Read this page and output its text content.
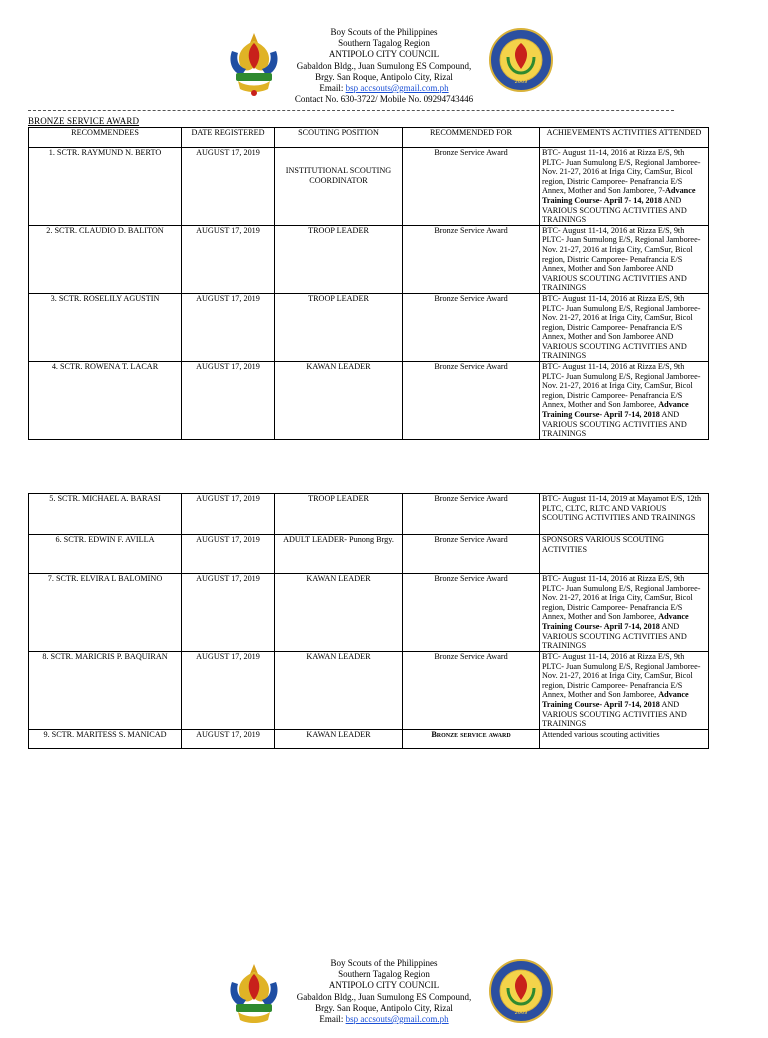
Boy Scouts of the Philippines
Southern Tagalog Region
ANTIPOLO CITY COUNCIL
Gabaldon Bldg., Juan Sumulong ES Compound,
Brgy. San Roque, Antipolo City, Rizal
Email: bsp accsouts@gmail.com.ph
Contact No. 630-3722/ Mobile No. 09294743446
2009
BRONZE SERVICE AWARD
RECOMMENDEES	DATE REGISTERED	SCOUTING POSITION	RECOMMENDED FOR	ACHIEVEMENTS ACTIVITIES ATTENDED
1. SCTR. RAYMUND N. BERTO	AUGUST 17, 2019	INSTITUTIONAL SCOUTING COORDINATOR	Bronze Service Award	BTC- August 11-14, 2016 at Rizza E/S, 9th PLTC- Juan Sumulong E/S, Regional Jamboree- Nov. 21-27, 2016 at Iriga City, CamSur, Bicol region, Distric Camporee- Penafrancia E/S Annex, Mother and Son Jamboree, 7-Advance Training Course- April 7- 14, 2018 AND VARIOUS SCOUTING ACTIVITIES AND TRAININGS
2. SCTR. CLAUDIO D. BALITON	AUGUST 17, 2019	TROOP LEADER	Bronze Service Award	BTC- August 11-14, 2016 at Rizza E/S, 9th PLTC- Juan Sumulong E/S, Regional Jamboree- Nov. 21-27, 2016 at Iriga City, CamSur, Bicol region, Distric Camporee- Penafrancia E/S Annex, Mother and Son Jamboree AND VARIOUS SCOUTING ACTIVITIES AND TRAININGS
3. SCTR. ROSELILY AGUSTIN	AUGUST 17, 2019	TROOP LEADER	Bronze Service Award	BTC- August 11-14, 2016 at Rizza E/S, 9th PLTC- Juan Sumulong E/S, Regional Jamboree- Nov. 21-27, 2016 at Iriga City, CamSur, Bicol region, Distric Camporee- Penafrancia E/S Annex, Mother and Son Jamboree AND VARIOUS SCOUTING ACTIVITIES AND TRAININGS
4. SCTR. ROWENA T. LACAR	AUGUST 17, 2019	KAWAN LEADER	Bronze Service Award	BTC- August 11-14, 2016 at Rizza E/S, 9th PLTC- Juan Sumulong E/S, Regional Jamboree- Nov. 21-27, 2016 at Iriga City, CamSur, Bicol region, Distric Camporee- Penafrancia E/S Annex, Mother and Son Jamboree, Advance Training Course- April 7-14, 2018 AND VARIOUS SCOUTING ACTIVITIES AND TRAININGS
5. SCTR. MICHAEL A. BARASI	AUGUST 17, 2019	TROOP LEADER	Bronze Service Award	BTC- August 11-14, 2019 at Mayamot E/S, 12th PLTC, CLTC, RLTC AND VARIOUS SCOUTING ACTIVITIES AND TRAININGS
6. SCTR. EDWIN F. AVILLA	AUGUST 17, 2019	ADULT LEADER- Punong Brgy.	Bronze Service Award	SPONSORS VARIOUS SCOUTING ACTIVITIES
7. SCTR. ELVIRA L BALOMINO	AUGUST 17, 2019	KAWAN LEADER	Bronze Service Award	BTC- August 11-14, 2016 at Rizza E/S, 9th PLTC- Juan Sumulong E/S, Regional Jamboree- Nov. 21-27, 2016 at Iriga City, CamSur, Bicol region, Distric Camporee- Penafrancia E/S Annex, Mother and Son Jamboree, Advance Training Course- April 7-14, 2018 AND VARIOUS SCOUTING ACTIVITIES AND TRAININGS
8. SCTR. MARICRIS P. BAQUIRAN	AUGUST 17, 2019	KAWAN LEADER	Bronze Service Award	BTC- August 11-14, 2016 at Rizza E/S, 9th PLTC- Juan Sumulong E/S, Regional Jamboree- Nov. 21-27, 2016 at Iriga City, CamSur, Bicol region, Distric Camporee- Penafrancia E/S Annex, Mother and Son Jamboree, Advance Training Course- April 7-14, 2018 AND VARIOUS SCOUTING ACTIVITIES AND TRAININGS
9. SCTR. MARITESS S. MANICAD	AUGUST 17, 2019	KAWAN LEADER	Bronze service award	Attended various scouting activities
Boy Scouts of the Philippines
Southern Tagalog Region
ANTIPOLO CITY COUNCIL
Gabaldon Bldg., Juan Sumulong ES Compound,
Brgy. San Roque, Antipolo City, Rizal
Email: bsp accsouts@gmail.com.ph
2009
